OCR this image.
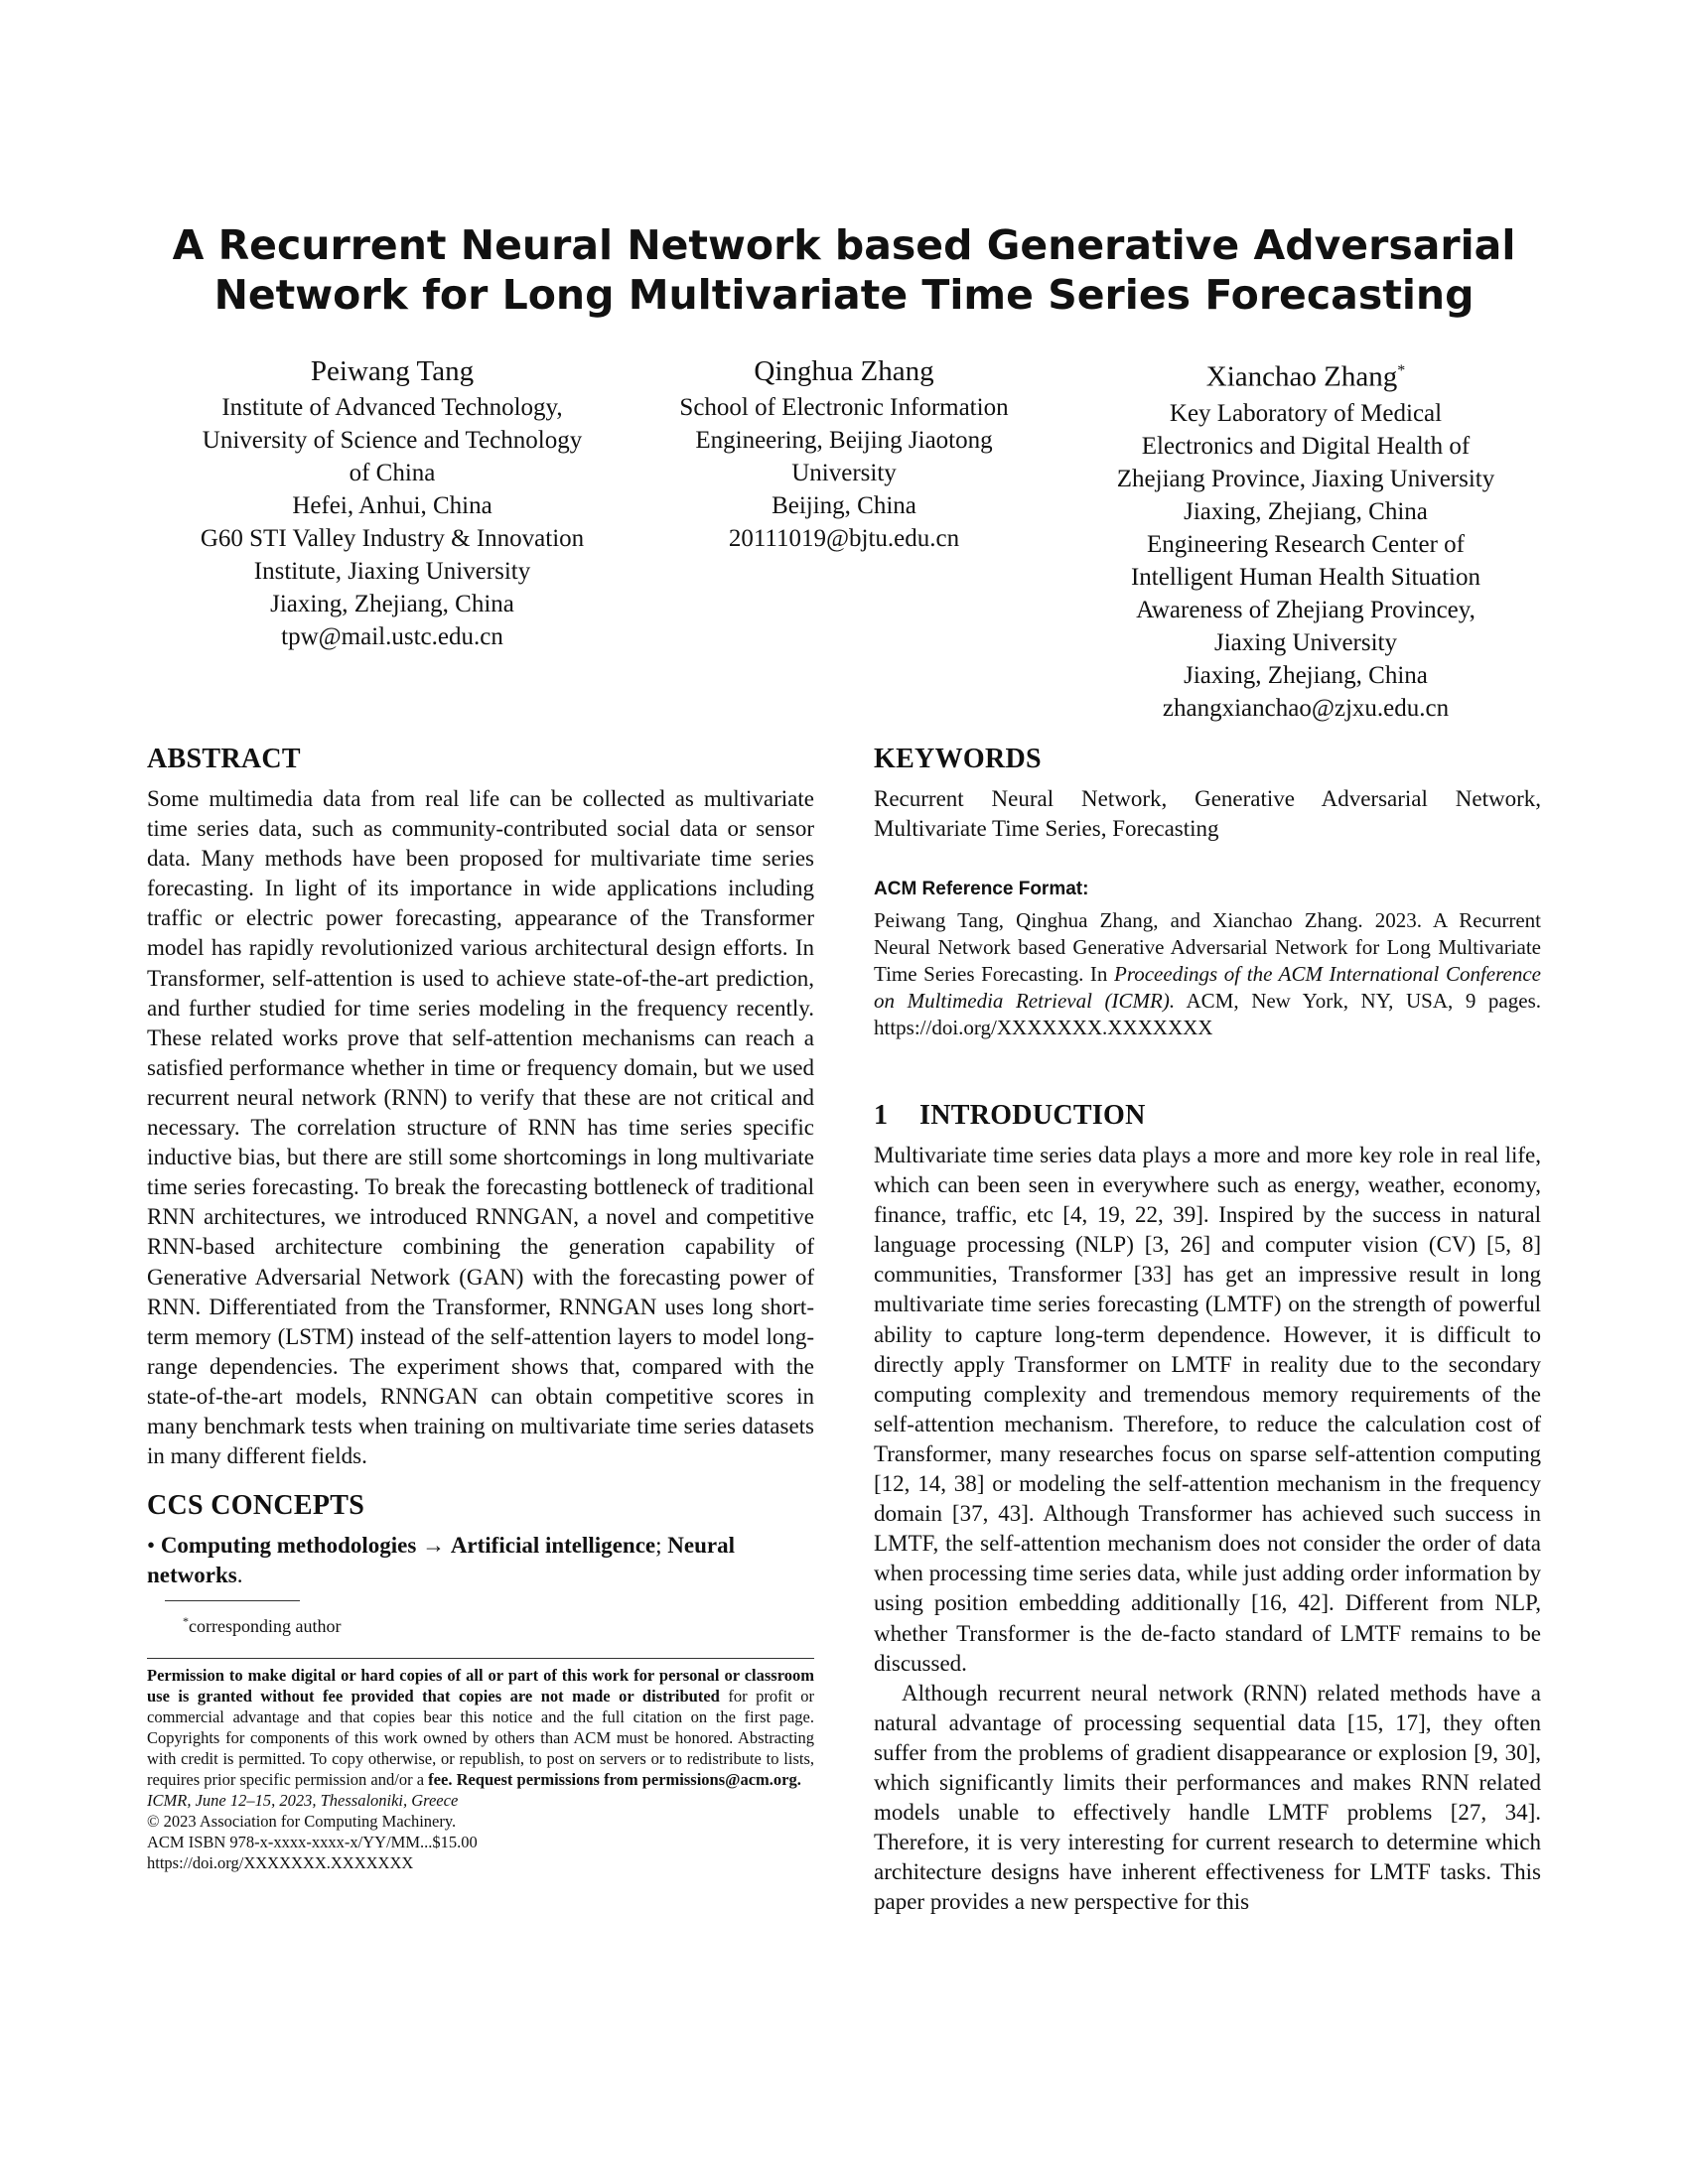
A Recurrent Neural Network based Generative Adversarial
Network for Long Multivariate Time Series Forecasting
Peiwang Tang
Institute of Advanced Technology,
University of Science and Technology
of China
Hefei, Anhui, China
G60 STI Valley Industry & Innovation
Institute, Jiaxing University
Jiaxing, Zhejiang, China
tpw@mail.ustc.edu.cn
Qinghua Zhang
School of Electronic Information
Engineering, Beijing Jiaotong
University
Beijing, China
20111019@bjtu.edu.cn
Xianchao Zhang*
Key Laboratory of Medical
Electronics and Digital Health of
Zhejiang Province, Jiaxing University
Jiaxing, Zhejiang, China
Engineering Research Center of
Intelligent Human Health Situation
Awareness of Zhejiang Provincey,
Jiaxing University
Jiaxing, Zhejiang, China
zhangxianchao@zjxu.edu.cn
ABSTRACT

Some multimedia data from real life can be collected as multivariate time series data, such as community-contributed social data or sensor data. Many methods have been proposed for multivariate time series forecasting. In light of its importance in wide applications including traffic or electric power forecasting, appearance of the Transformer model has rapidly revolutionized various architectural design efforts. In Transformer, self-attention is used to achieve state-of-the-art prediction, and further studied for time series modeling in the frequency recently. These related works prove that self-attention mechanisms can reach a satisfied performance whether in time or frequency domain, but we used recurrent neural network (RNN) to verify that these are not critical and necessary. The correlation structure of RNN has time series specific inductive bias, but there are still some shortcomings in long multivariate time series forecasting. To break the forecasting bottleneck of traditional RNN architectures, we introduced RNNGAN, a novel and competitive RNN-based architecture combining the generation capability of Generative Adversarial Network (GAN) with the forecasting power of RNN. Differentiated from the Transformer, RNNGAN uses long short-term memory (LSTM) instead of the self-attention layers to model long-range dependencies. The experiment shows that, compared with the state-of-the-art models, RNNGAN can obtain competitive scores in many benchmark tests when training on multivariate time series datasets in many different fields.

CCS CONCEPTS

• Computing methodologies → Artificial intelligence; Neural networks.

*corresponding author

Permission to make digital or hard copies of all or part of this work for personal or classroom use is granted without fee provided that copies are not made or distributed for profit or commercial advantage and that copies bear this notice and the full citation on the first page. Copyrights for components of this work owned by others than ACM must be honored. Abstracting with credit is permitted. To copy otherwise, or republish, to post on servers or to redistribute to lists, requires prior specific permission and/or a fee. Request permissions from permissions@acm.org.

ICMR, June 12–15, 2023, Thessaloniki, Greece
© 2023 Association for Computing Machinery.
ACM ISBN 978-x-xxxx-xxxx-x/YY/MM...$15.00
https://doi.org/XXXXXXX.XXXXXXX
KEYWORDS

Recurrent Neural Network, Generative Adversarial Network, Multivariate Time Series, Forecasting

ACM Reference Format:

Peiwang Tang, Qinghua Zhang, and Xianchao Zhang. 2023. A Recurrent Neural Network based Generative Adversarial Network for Long Multivariate Time Series Forecasting. In Proceedings of the ACM International Conference on Multimedia Retrieval (ICMR). ACM, New York, NY, USA, 9 pages. https://doi.org/XXXXXXX.XXXXXXX

1 INTRODUCTION

Multivariate time series data plays a more and more key role in real life, which can been seen in everywhere such as energy, weather, economy, finance, traffic, etc [4, 19, 22, 39]. Inspired by the success in natural language processing (NLP) [3, 26] and computer vision (CV) [5, 8] communities, Transformer [33] has get an impressive result in long multivariate time series forecasting (LMTF) on the strength of powerful ability to capture long-term dependence. However, it is difficult to directly apply Transformer on LMTF in reality due to the secondary computing complexity and tremendous memory requirements of the self-attention mechanism. Therefore, to reduce the calculation cost of Transformer, many researches focus on sparse self-attention computing [12, 14, 38] or modeling the self-attention mechanism in the frequency domain [37, 43]. Although Transformer has achieved such success in LMTF, the self-attention mechanism does not consider the order of data when processing time series data, while just adding order information by using position embedding additionally [16, 42]. Different from NLP, whether Transformer is the de-facto standard of LMTF remains to be discussed.

Although recurrent neural network (RNN) related methods have a natural advantage of processing sequential data [15, 17], they often suffer from the problems of gradient disappearance or explosion [9, 30], which significantly limits their performances and makes RNN related models unable to effectively handle LMTF problems [27, 34]. Therefore, it is very interesting for current research to determine which architecture designs have inherent effectiveness for LMTF tasks. This paper provides a new perspective for this
